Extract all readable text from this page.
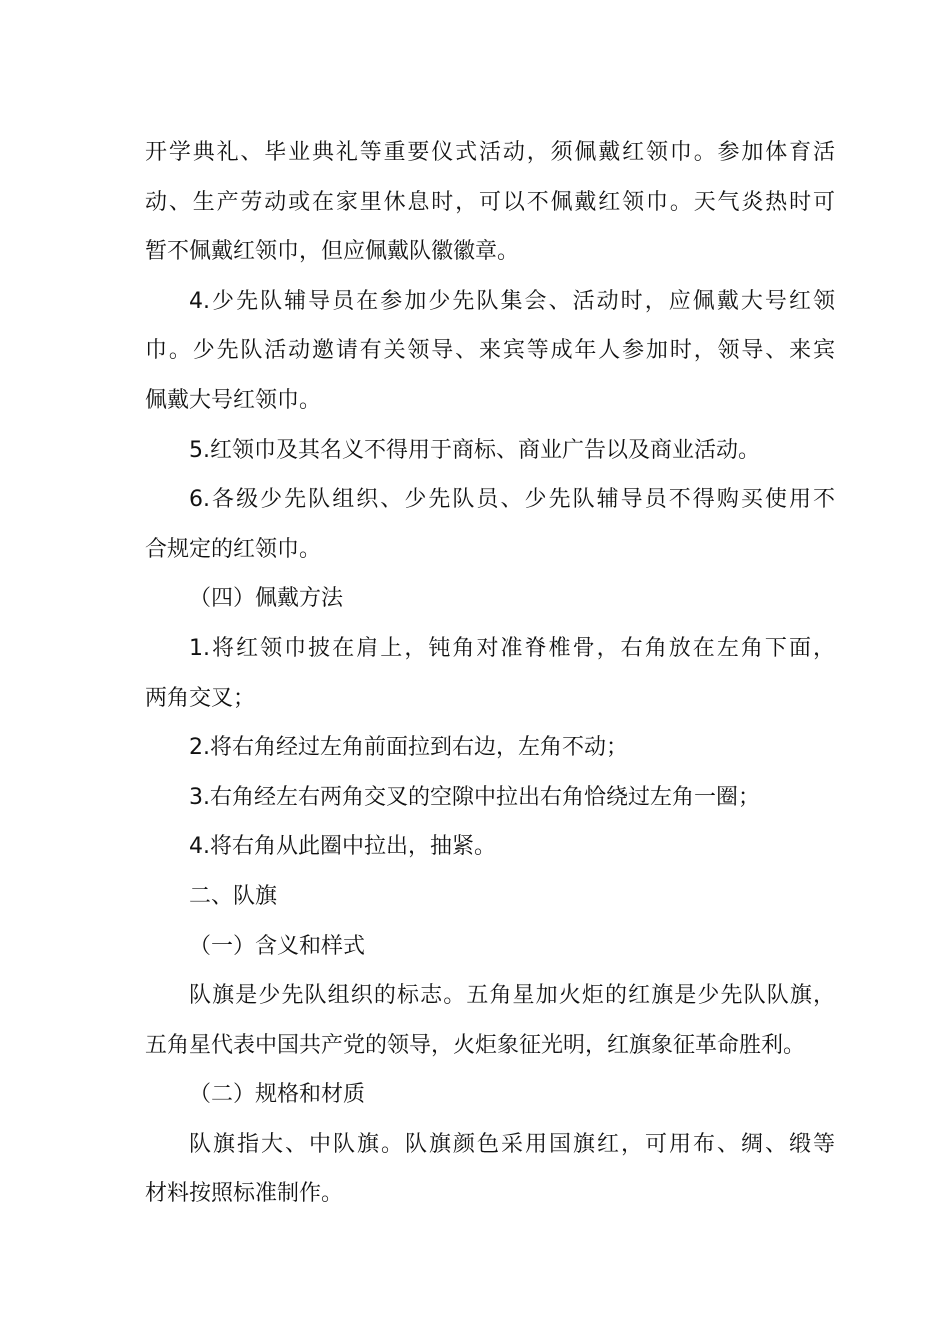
开学典礼、毕业典礼等重要仪式活动，须佩戴红领巾。参加体育活
动、生产劳动或在家里休息时，可以不佩戴红领巾。天气炎热时可
暂不佩戴红领巾，但应佩戴队徽徽章。
4.少先队辅导员在参加少先队集会、活动时，应佩戴大号红领
巾。少先队活动邀请有关领导、来宾等成年人参加时，领导、来宾
佩戴大号红领巾。
5.红领巾及其名义不得用于商标、商业广告以及商业活动。
6.各级少先队组织、少先队员、少先队辅导员不得购买使用不
合规定的红领巾。
（四）佩戴方法
1.将红领巾披在肩上，钝角对准脊椎骨，右角放在左角下面，
两角交叉；
2.将右角经过左角前面拉到右边，左角不动；
3.右角经左右两角交叉的空隙中拉出右角恰绕过左角一圈；
4.将右角从此圈中拉出，抽紧。
二、队旗
（一）含义和样式
队旗是少先队组织的标志。五角星加火炬的红旗是少先队队旗，
五角星代表中国共产党的领导，火炬象征光明，红旗象征革命胜利。
（二）规格和材质
队旗指大、中队旗。队旗颜色采用国旗红，可用布、绸、缎等
材料按照标准制作。
